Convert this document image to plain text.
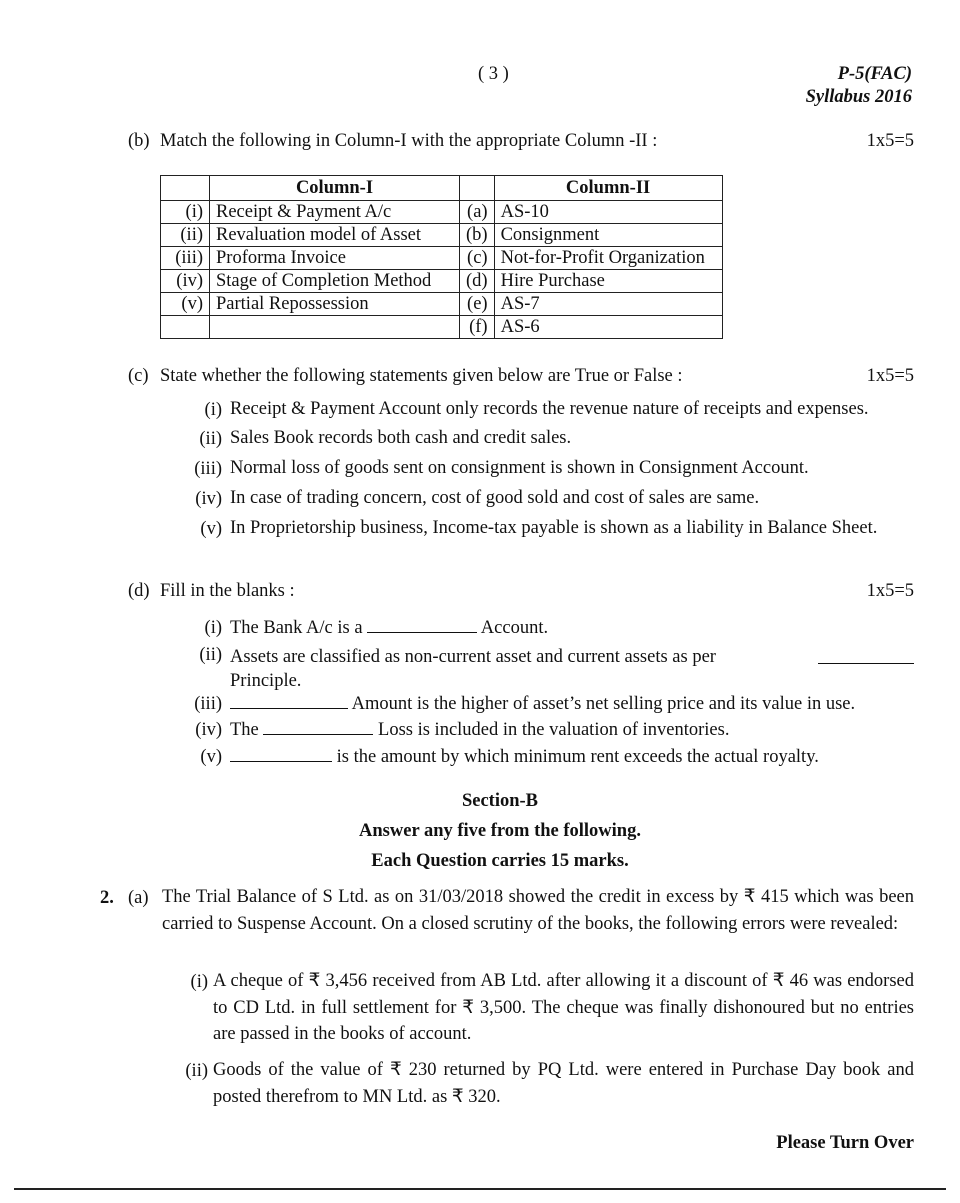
( 3 )	P-5(FAC)
Syllabus 2016
(b) Match the following in Column-I with the appropriate Column -II :	1x5=5
	Column-I		Column-II
(i)	Receipt & Payment A/c	(a)	AS-10
(ii)	Revaluation model of Asset	(b)	Consignment
(iii)	Proforma Invoice	(c)	Not-for-Profit Organization
(iv)	Stage of Completion Method	(d)	Hire Purchase
(v)	Partial Repossession	(e)	AS-7
		(f)	AS-6
(c) State whether the following statements given below are True or False :	1x5=5
(i) Receipt & Payment Account only records the revenue nature of receipts and expenses.
(ii) Sales Book records both cash and credit sales.
(iii) Normal loss of goods sent on consignment is shown in Consignment Account.
(iv) In case of trading concern, cost of good sold and cost of sales are same.
(v) In Proprietorship business, Income-tax payable is shown as a liability in Balance Sheet.
(d) Fill in the blanks :	1x5=5
(i) The Bank A/c is a	Account.
(ii) Assets are classified as non-current asset and current assets as per

Principle.
(iii)	Amount is the higher of asset’s net selling price and its value in use.
(iv) The	Loss is included in the valuation of inventories.
(v)	is the amount by which minimum rent exceeds the actual royalty.
Section-B
Answer any five from the following.
Each Question carries 15 marks.
2. (a) The Trial Balance of S Ltd. as on 31/03/2018 showed the credit in excess by ₹ 415 which was been carried to Suspense Account. On a closed scrutiny of the books, the following errors were revealed:
(i) A cheque of ₹ 3,456 received from AB Ltd. after allowing it a discount of ₹ 46 was endorsed to CD Ltd. in full settlement for ₹ 3,500. The cheque was finally dishonoured but no entries are passed in the books of account.
(ii) Goods of the value of ₹ 230 returned by PQ Ltd. were entered in Purchase Day book and posted therefrom to MN Ltd. as ₹ 320.
Please Turn Over
